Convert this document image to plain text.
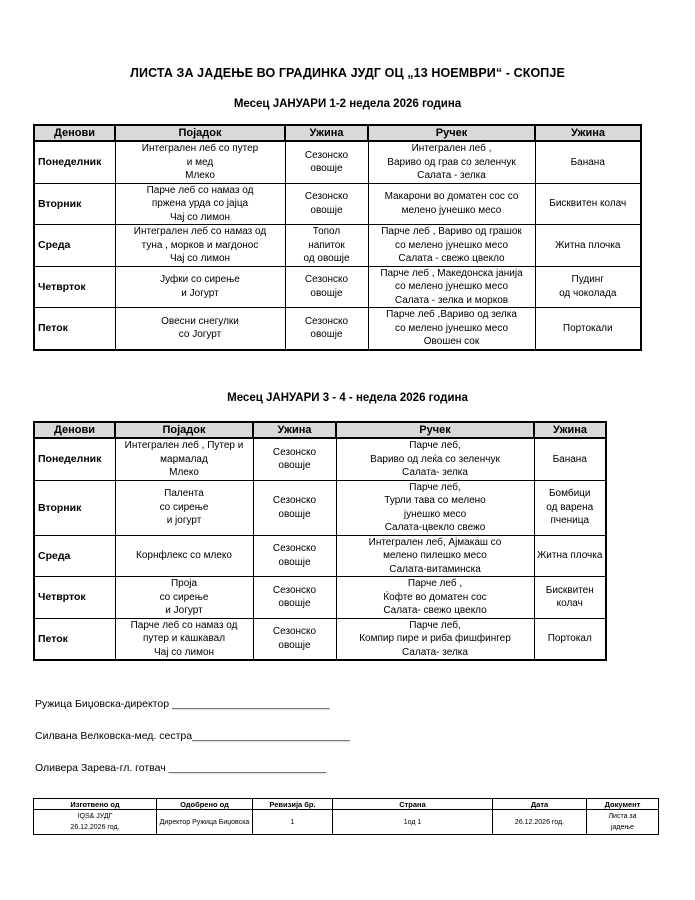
ЛИСТА ЗА ЈАДЕЊЕ ВО ГРАДИНКА ЈУДГ ОЦ „13 НОЕМВРИ“ - СКОПЈЕ
Месец ЈАНУАРИ 1-2 недела 2026 година
Денови	Појадок	Ужина	Ручек	Ужина
Понеделник	Интегрален леб со путер
и мед
Млеко	Сезонско
овошје	Интегрален леб ,
Вариво од грав со зеленчук
Салата - зелка	Банана

Вторник	Парче леб со намаз од
пржена урда со јајца
Чај со лимон	Сезонско
овошје	Макарони во доматен сос со
мелено јунешко месо	Бисквитен колач

Среда	Интегрален леб со намаз од
туна , морков и магдонос
Чај со лимон	Топол
напиток
од овошје	Парче леб , Вариво од грашок
со мелено јунешко месо
Салата - свежо цвекло	Житна плочка

Четврток	Јуфки со сирење
и Јогурт	Сезонско
овошје	Парче леб , Македонска јанија
со мелено јунешко месо
Салата - зелка и морков	Пудинг
од чоколада

Петок	Овесни снегулки
со Јогурт	Сезонско
овошје	Парче леб ,Вариво од зелка
со мелено јунешко месо
Овошен сок	Портокали
Месец ЈАНУАРИ 3 - 4 - недела 2026 година
Денови	Појадок	Ужина	Ручек	Ужина
Понеделник	Интегрален леб , Путер и
мармалад
Млеко	Сезонско
овошје	Парче леб,
Вариво од леќа со зеленчук
Салата- зелка	Банана

Вторник	Палента
со сирење
и јогурт	Сезонско
овошје	Парче леб,
Турли тава со мелено
јунешко месо
Салата-цвекло свежо	Бомбици
од варена
пченица

Среда	Корнфлекс со млеко	Сезонско
овошје	Интегрален леб, Ајмакаш со
мелено пилешко месо
Салата-витаминска	Житна плочка

Четврток	Проја
со сирење
и Јогурт	Сезонско
овошје	Парче леб ,
Ќофте во доматен сос
Салата- свежо цвекло	Бисквитен
колач

Петок	Парче леб со намаз од
путер и кашкавал
Чај со лимон	Сезонско
овошје	Парче леб,
Компир пире и риба фишфингер
Салата- зелка	Портокал
Ружица Биџовска-директор ___________________________
Силвана Велковска-мед. сестра___________________________
Оливера Зарева-гл. готвач ___________________________
Изготвено од	Одобрено од	Ревизија бр.	Страна	Дата	Документ

IQS& ЈУДГ
26.12.2026 год.	Директор Ружица Биџовска	1	1од 1	26.12.2026 год.	Листа за
јадење
